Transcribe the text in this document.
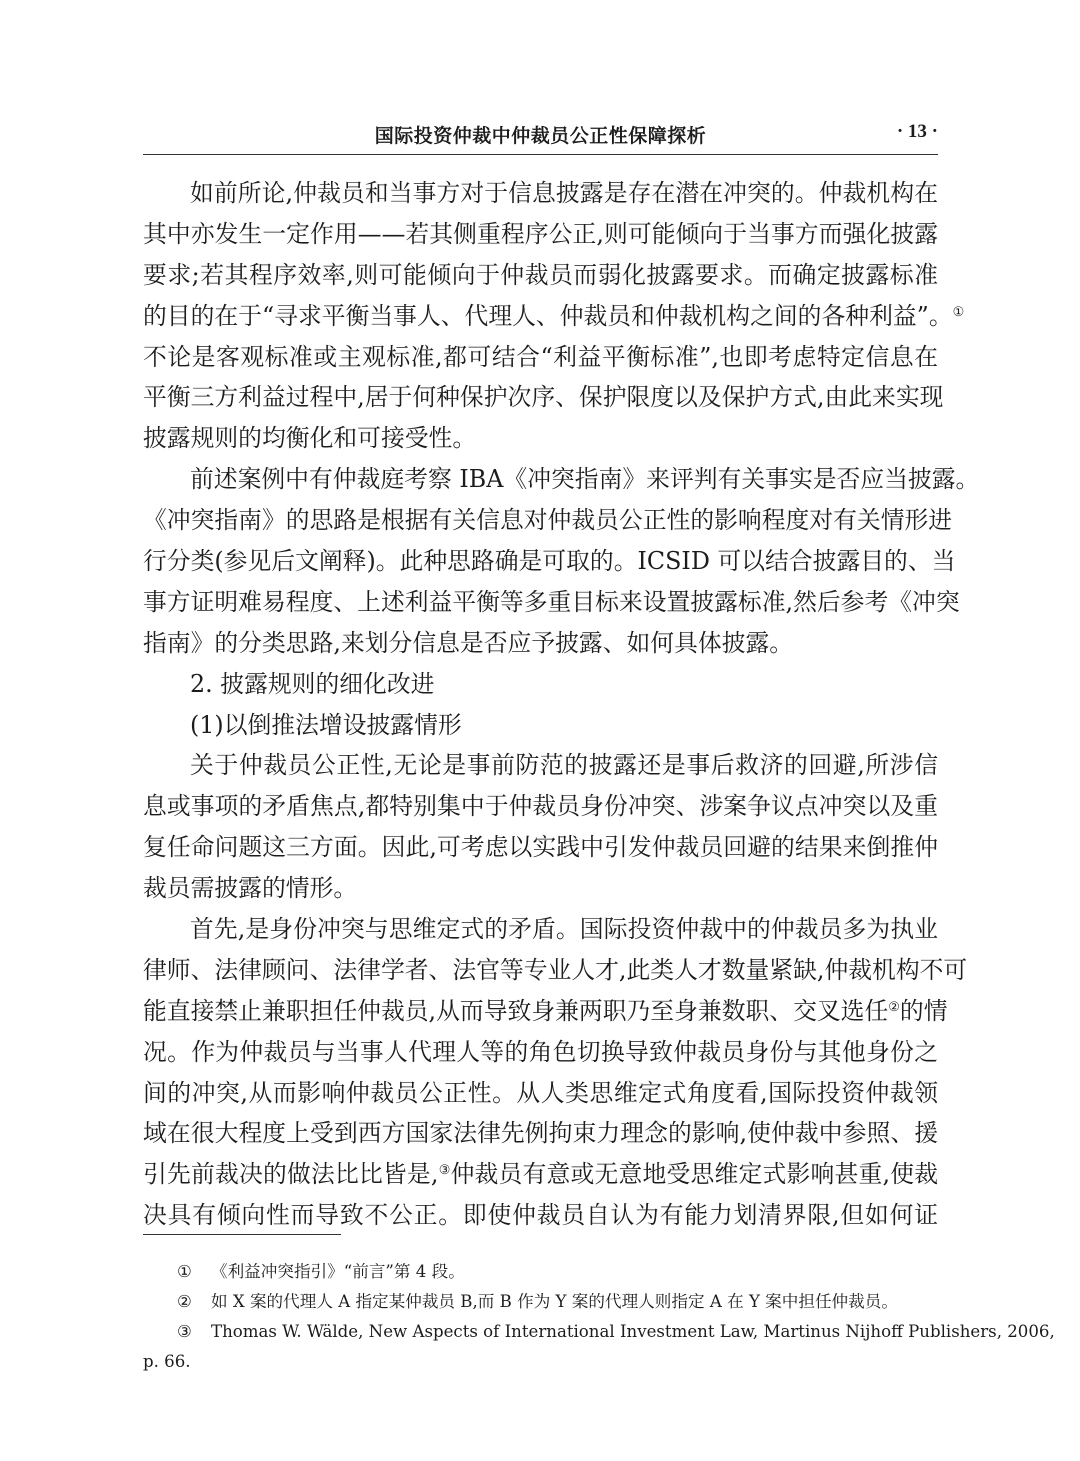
国际投资仲裁中仲裁员公正性保障探析	· 13 ·
如前所论,仲裁员和当事方对于信息披露是存在潜在冲突的。仲裁机构在
其中亦发生一定作用——若其侧重程序公正,则可能倾向于当事方而强化披露
要求;若其程序效率,则可能倾向于仲裁员而弱化披露要求。而确定披露标准
的目的在于“寻求平衡当事人、代理人、仲裁员和仲裁机构之间的各种利益”。①
不论是客观标准或主观标准,都可结合“利益平衡标准”,也即考虑特定信息在
平衡三方利益过程中,居于何种保护次序、保护限度以及保护方式,由此来实现
披露规则的均衡化和可接受性。
前述案例中有仲裁庭考察 IBA《冲突指南》来评判有关事实是否应当披露。
《冲突指南》的思路是根据有关信息对仲裁员公正性的影响程度对有关情形进
行分类(参见后文阐释)。此种思路确是可取的。ICSID 可以结合披露目的、当
事方证明难易程度、上述利益平衡等多重目标来设置披露标准,然后参考《冲突
指南》的分类思路,来划分信息是否应予披露、如何具体披露。
2. 披露规则的细化改进
(1)以倒推法增设披露情形
关于仲裁员公正性,无论是事前防范的披露还是事后救济的回避,所涉信
息或事项的矛盾焦点,都特别集中于仲裁员身份冲突、涉案争议点冲突以及重
复任命问题这三方面。因此,可考虑以实践中引发仲裁员回避的结果来倒推仲
裁员需披露的情形。
首先,是身份冲突与思维定式的矛盾。国际投资仲裁中的仲裁员多为执业
律师、法律顾问、法律学者、法官等专业人才,此类人才数量紧缺,仲裁机构不可
能直接禁止兼职担任仲裁员,从而导致身兼两职乃至身兼数职、交叉选任②的情
况。作为仲裁员与当事人代理人等的角色切换导致仲裁员身份与其他身份之
间的冲突,从而影响仲裁员公正性。从人类思维定式角度看,国际投资仲裁领
域在很大程度上受到西方国家法律先例拘束力理念的影响,使仲裁中参照、援
引先前裁决的做法比比皆是,③仲裁员有意或无意地受思维定式影响甚重,使裁
决具有倾向性而导致不公正。即使仲裁员自认为有能力划清界限,但如何证
① 《利益冲突指引》“前言”第 4 段。
② 如 X 案的代理人 A 指定某仲裁员 B,而 B 作为 Y 案的代理人则指定 A 在 Y 案中担任仲裁员。
③ Thomas W. Wälde, New Aspects of International Investment Law, Martinus Nijhoff Publishers, 2006,
p. 66.
